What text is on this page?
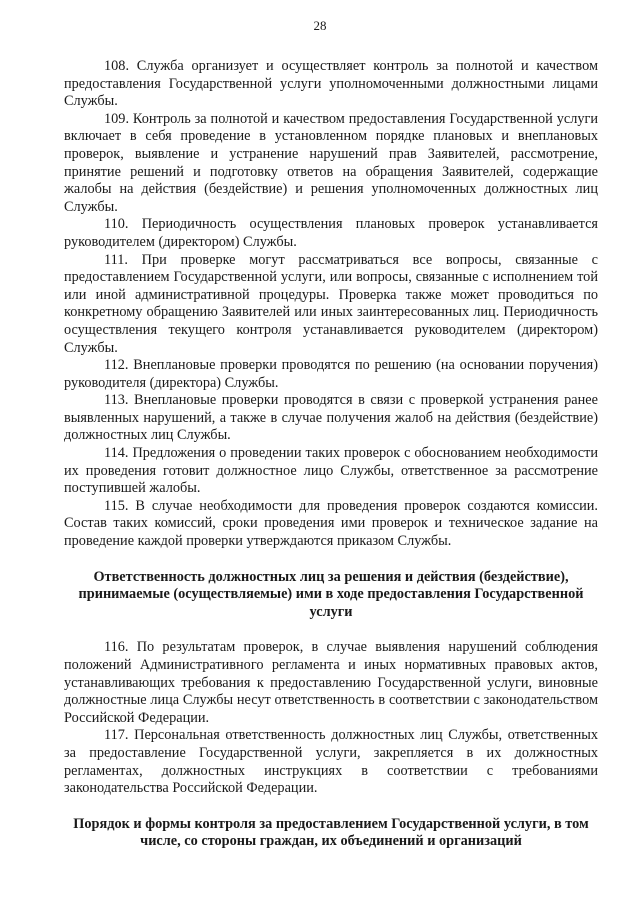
28

108. Служба организует и осуществляет контроль за полнотой и качеством предоставления Государственной услуги уполномоченными должностными лицами Службы.

109. Контроль за полнотой и качеством предоставления Государственной услуги включает в себя проведение в установленном порядке плановых и внеплановых проверок, выявление и устранение нарушений прав Заявителей, рассмотрение, принятие решений и подготовку ответов на обращения Заявителей, содержащие жалобы на действия (бездействие) и решения уполномоченных должностных лиц Службы.

110. Периодичность осуществления плановых проверок устанавливается руководителем (директором) Службы.

111. При проверке могут рассматриваться все вопросы, связанные с предоставлением Государственной услуги, или вопросы, связанные с исполнением той или иной административной процедуры. Проверка также может проводиться по конкретному обращению Заявителей или иных заинтересованных лиц. Периодичность осуществления текущего контроля устанавливается руководителем (директором) Службы.

112. Внеплановые проверки проводятся по решению (на основании поручения) руководителя (директора) Службы.

113. Внеплановые проверки проводятся в связи с проверкой устранения ранее выявленных нарушений, а также в случае получения жалоб на действия (бездействие) должностных лиц Службы.

114. Предложения о проведении таких проверок с обоснованием необходимости их проведения готовит должностное лицо Службы, ответственное за рассмотрение поступившей жалобы.

115. В случае необходимости для проведения проверок создаются комиссии. Состав таких комиссий, сроки проведения ими проверок и техническое задание на проведение каждой проверки утверждаются приказом Службы.

Ответственность должностных лиц за решения и действия (бездействие), принимаемые (осуществляемые) ими в ходе предоставления Государственной услуги

116. По результатам проверок, в случае выявления нарушений соблюдения положений Административного регламента и иных нормативных правовых актов, устанавливающих требования к предоставлению Государственной услуги, виновные должностные лица Службы несут ответственность в соответствии с законодательством Российской Федерации.

117. Персональная ответственность должностных лиц Службы, ответственных за предоставление Государственной услуги, закрепляется в их должностных регламентах, должностных инструкциях в соответствии с требованиями законодательства Российской Федерации.

Порядок и формы контроля за предоставлением Государственной услуги, в том числе, со стороны граждан, их объединений и организаций
